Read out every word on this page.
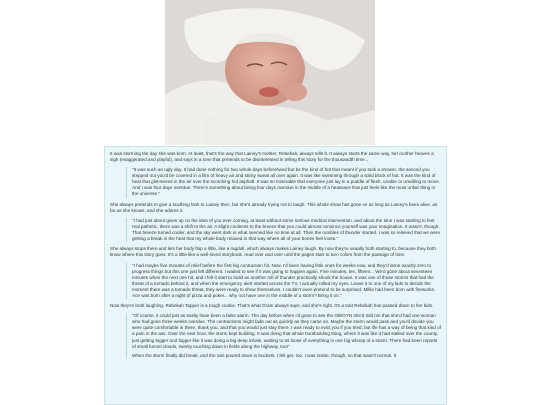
It was storming the day she was born. At least, that's the way that Lainey's mother, Rebekah, always tells it. It always starts the same way, her mother heaves a sigh (exaggerated and playful), and says in a tone that pretends to be disinterested in telling this story for the thousandth time...

"It was such an ugly day. It had done nothing for two whole days beforehand but be the kind of hot that meant if you took a shower, the second you stepped out you'd be covered in a film of heavy air and sticky sweat all over again. It was like swimming through a solid block of hot. It was the kind of heat that glimmered in the air over the scorching hot asphalt. It was so miserable that everyone just lay in a puddle of flesh, unable or unwilling to move. And I was four days overdue. There's something about being four days overdue in the middle of a heatwave that just feels like the most unfair thing in the universe."

She always pretends to give a scathing look to Lainey then, but she's already trying not to laugh. This whole show has gone on as long as Lainey's been alive, as far as she knows, and she adores it.

"I had just about given up on the idea of you ever coming, at least without some serious medical intervention, and about the time I was starting to feel real pathetic, there was a shift to the air. A slight coolness to the breeze that you could almost convince yourself was your imagination. It wasn't, though. That breeze turned cooler, and the sky went dark in what seemed like no time at all. Then the rumbles of thunder started. I was so relieved that we were getting a break in the heat that my whole body relaxed in that way where all of your bones feel loose."

She always stops there and lets her body flop a little, like a ragdoll, which always makes Lainey laugh. By now they're usually both starting to, because they both know where this story goes. It's a little like a well-loved storybook, read over and over until the pages start to turn colors from the passage of time.

"I had maybe five minutes of relief before the first big contraction hit. Now, I'd been having little ones for weeks now, and they'd done exactly zero to progress things but this one just felt different. I waited to see if it was going to happen again. Five minutes, ten, fifteen... We'd gone about seventeen minutes when the next one hit, and I felt it start to build as another roll of thunder practically shook the house. It was one of those storms that had the threat of a tornado behind it, and when the emergency alert started across the TV, I actually rolled my eyes. Leave it to one of my kids to decide the moment there was a tornado threat, they were ready to show themselves. I couldn't even pretend to be surprised. Millie had been born with fireworks. Ace was born after a night of pizza and poker... why not have one in the middle of a storm? Bring it on."

Now they're both laughing. Rebekah Tapper is a tough cookie. That's what Gram always says, and she's right. It's a trait Rebekah has passed down to her kids.

"Of course, it could just as easily have been a false alarm. The day before when I'd gone to see the OB/GYN she'd told me that she'd had one woman who had gone three weeks overdue. The contractions might fade out as quickly as they came on. Maybe the storm would pass and you'd decide you were quite comfortable in there, thank you, and that you would just stay there. I was ready to evict you if you tried, but life has a way of being that kind of a pain in the ass. Over the next hour, the storm kept building. It was doing that whole bootbuilding thing, where it was like it had stalled over the county, just getting bigger and bigger like it was doing a big deep inhale, waiting to let loose of everything in one big whoop of a storm. There had been reports of small funnel clouds, twenty touching down in fields along the highway, too!"

When the storm finally did break, and the rain poured down in buckets, I felt get, too. I was inside, though, so that wasn't normal. It
